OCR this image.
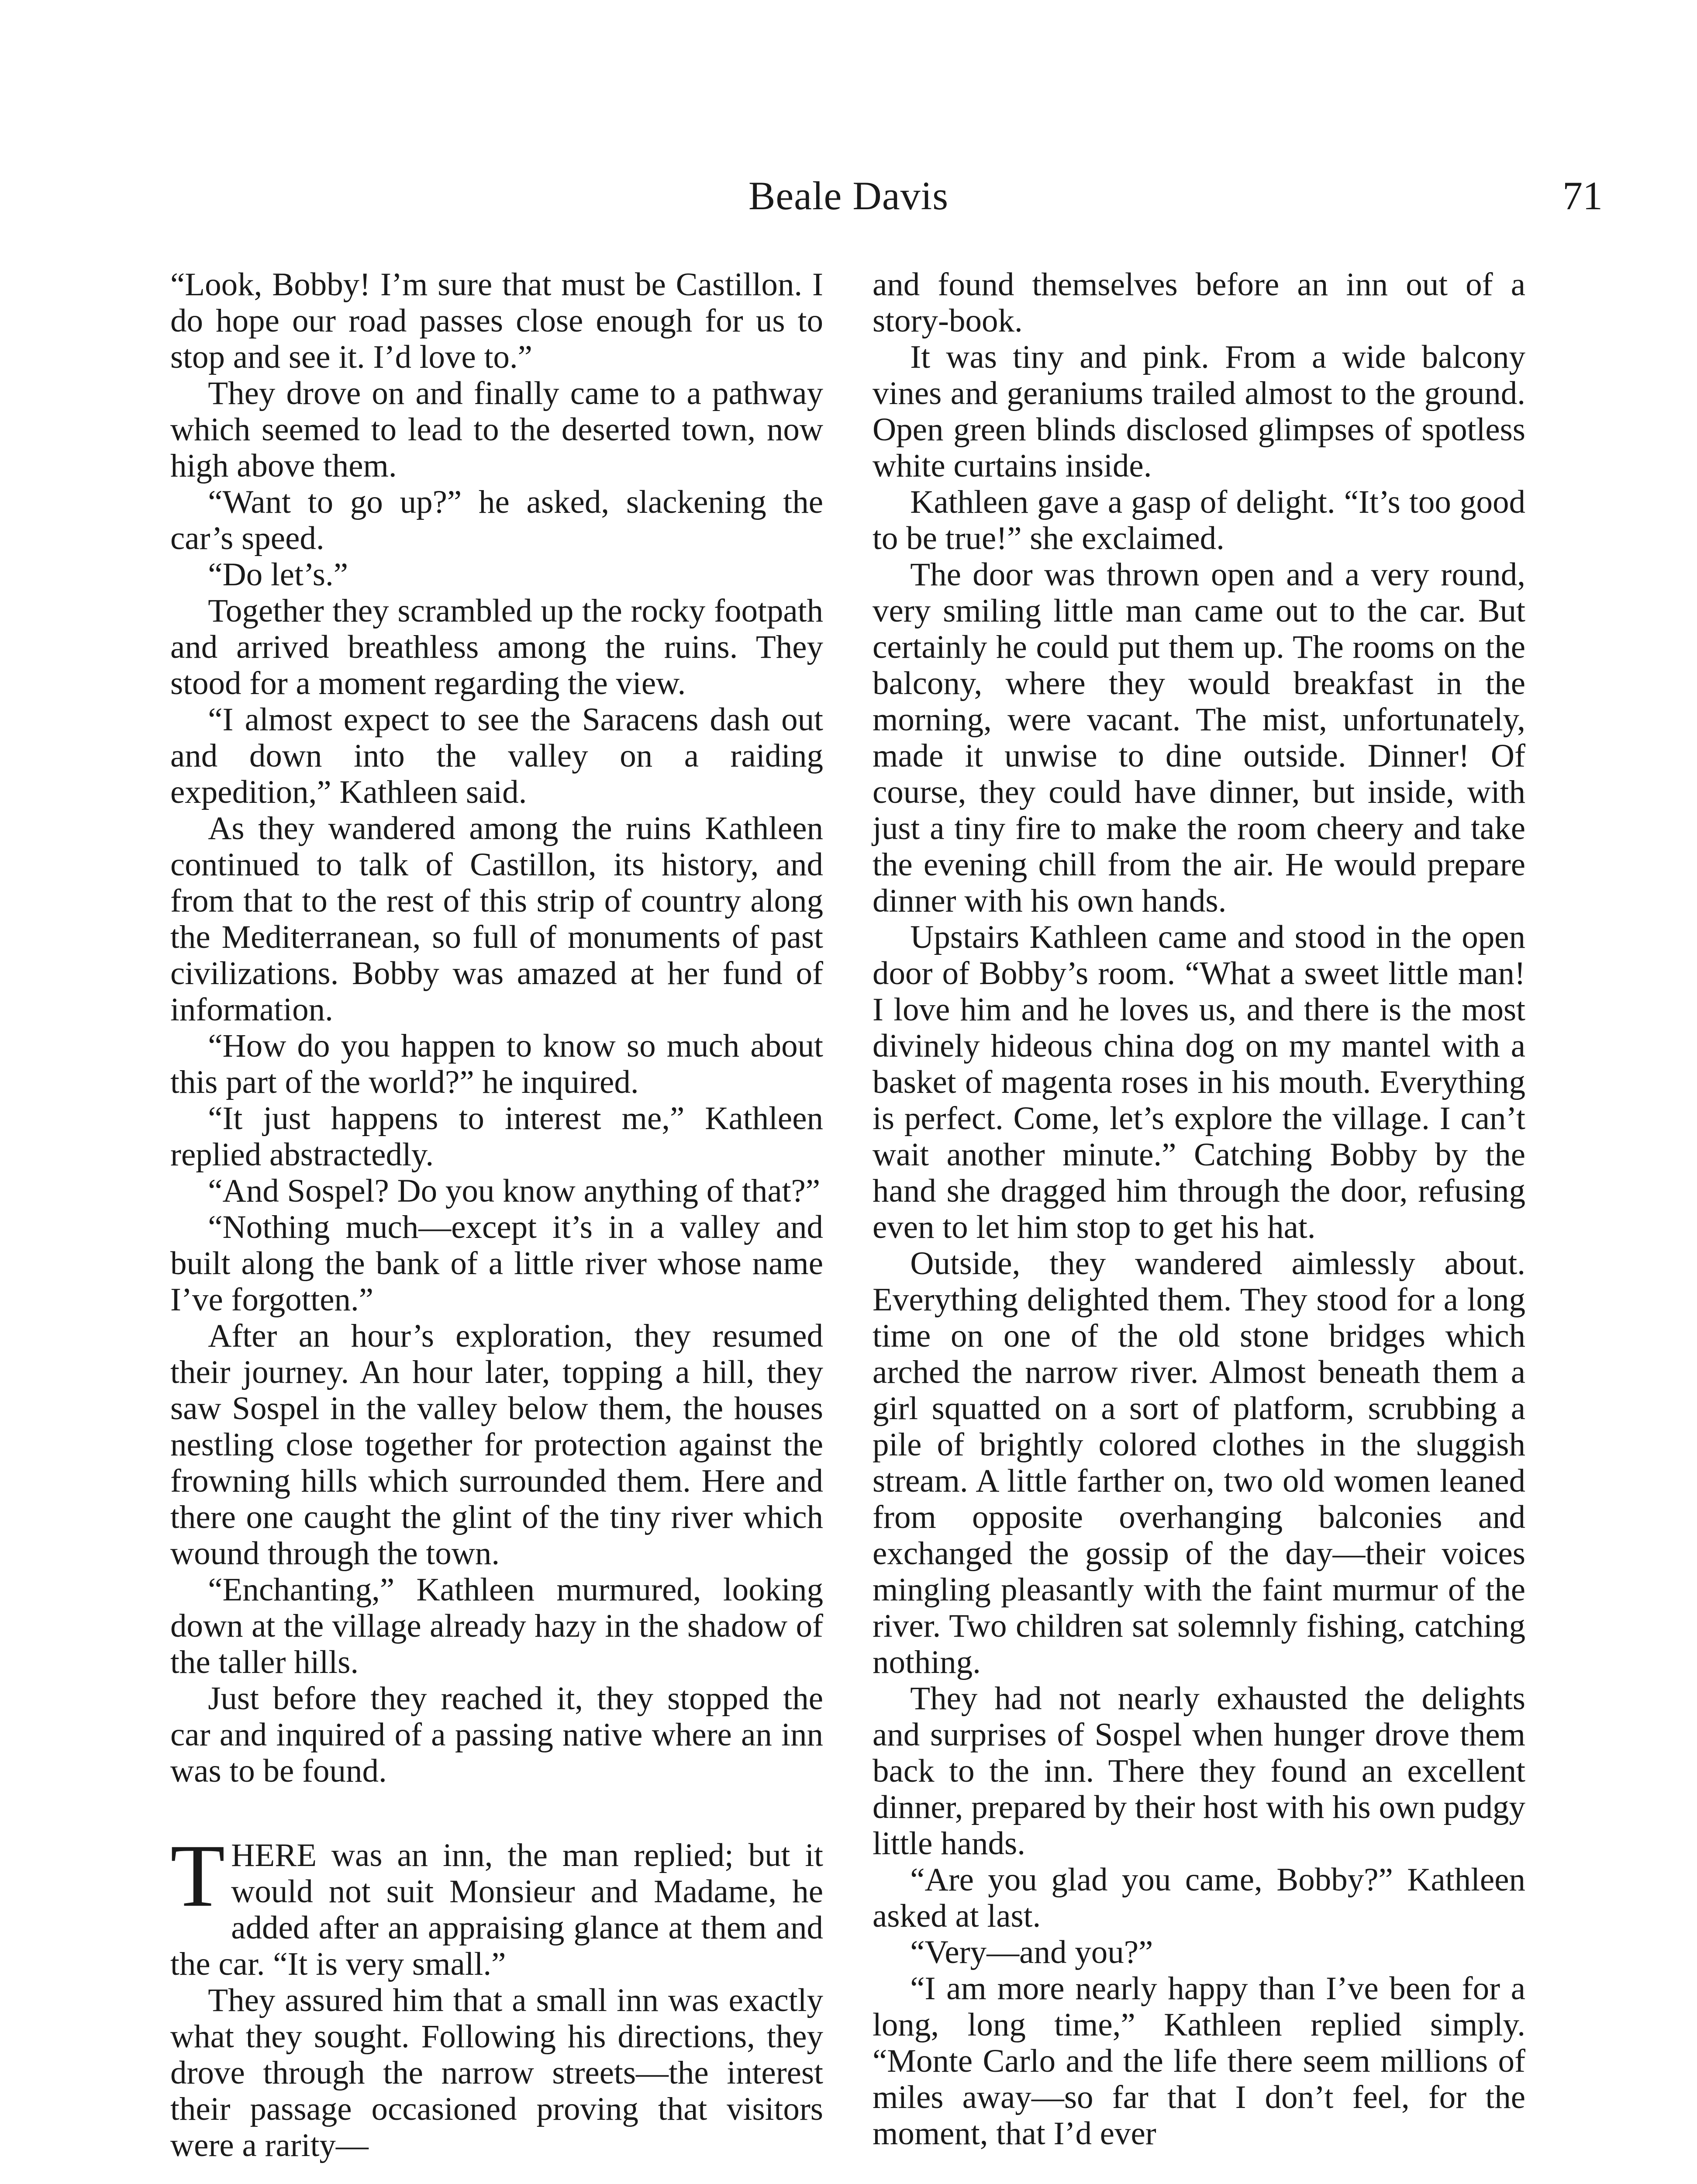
Beale Davis	71

“Look, Bobby! I’m sure that must be Castillon. I do hope our road passes close enough for us to stop and see it. I’d love to.”

They drove on and finally came to a pathway which seemed to lead to the deserted town, now high above them.

“Want to go up?” he asked, slackening the car’s speed.

“Do let’s.”

Together they scrambled up the rocky footpath and arrived breathless among the ruins. They stood for a moment regarding the view.

“I almost expect to see the Saracens dash out and down into the valley on a raiding expedition,” Kathleen said.

As they wandered among the ruins Kathleen continued to talk of Castillon, its history, and from that to the rest of this strip of country along the Mediterranean, so full of monuments of past civilizations. Bobby was amazed at her fund of information.

“How do you happen to know so much about this part of the world?” he inquired.

“It just happens to interest me,” Kathleen replied abstractedly.

“And Sospel? Do you know anything of that?”

“Nothing much—except it’s in a valley and built along the bank of a little river whose name I’ve forgotten.”

After an hour’s exploration, they resumed their journey. An hour later, topping a hill, they saw Sospel in the valley below them, the houses nestling close together for protection against the frowning hills which surrounded them. Here and there one caught the glint of the tiny river which wound through the town.

“Enchanting,” Kathleen murmured, looking down at the village already hazy in the shadow of the taller hills.

Just before they reached it, they stopped the car and inquired of a passing native where an inn was to be found.

THERE was an inn, the man replied; but it would not suit Monsieur and Madame, he added after an appraising glance at them and the car. “It is very small.”

They assured him that a small inn was exactly what they sought. Following his directions, they drove through the narrow streets—the interest their passage occasioned proving that visitors were a rarity—

and found themselves before an inn out of a story-book.

It was tiny and pink. From a wide balcony vines and geraniums trailed almost to the ground. Open green blinds disclosed glimpses of spotless white curtains inside.

Kathleen gave a gasp of delight. “It’s too good to be true!” she exclaimed.

The door was thrown open and a very round, very smiling little man came out to the car. But certainly he could put them up. The rooms on the balcony, where they would breakfast in the morning, were vacant. The mist, unfortunately, made it unwise to dine outside. Dinner! Of course, they could have dinner, but inside, with just a tiny fire to make the room cheery and take the evening chill from the air. He would prepare dinner with his own hands.

Upstairs Kathleen came and stood in the open door of Bobby’s room. “What a sweet little man! I love him and he loves us, and there is the most divinely hideous china dog on my mantel with a basket of magenta roses in his mouth. Everything is perfect. Come, let’s explore the village. I can’t wait another minute.” Catching Bobby by the hand she dragged him through the door, refusing even to let him stop to get his hat.

Outside, they wandered aimlessly about. Everything delighted them. They stood for a long time on one of the old stone bridges which arched the narrow river. Almost beneath them a girl squatted on a sort of platform, scrubbing a pile of brightly colored clothes in the sluggish stream. A little farther on, two old women leaned from opposite overhanging balconies and exchanged the gossip of the day—their voices mingling pleasantly with the faint murmur of the river. Two children sat solemnly fishing, catching nothing.

They had not nearly exhausted the delights and surprises of Sospel when hunger drove them back to the inn. There they found an excellent dinner, prepared by their host with his own pudgy little hands.

“Are you glad you came, Bobby?” Kathleen asked at last.

“Very—and you?”

“I am more nearly happy than I’ve been for a long, long time,” Kathleen replied simply. “Monte Carlo and the life there seem millions of miles away—so far that I don’t feel, for the moment, that I’d ever
